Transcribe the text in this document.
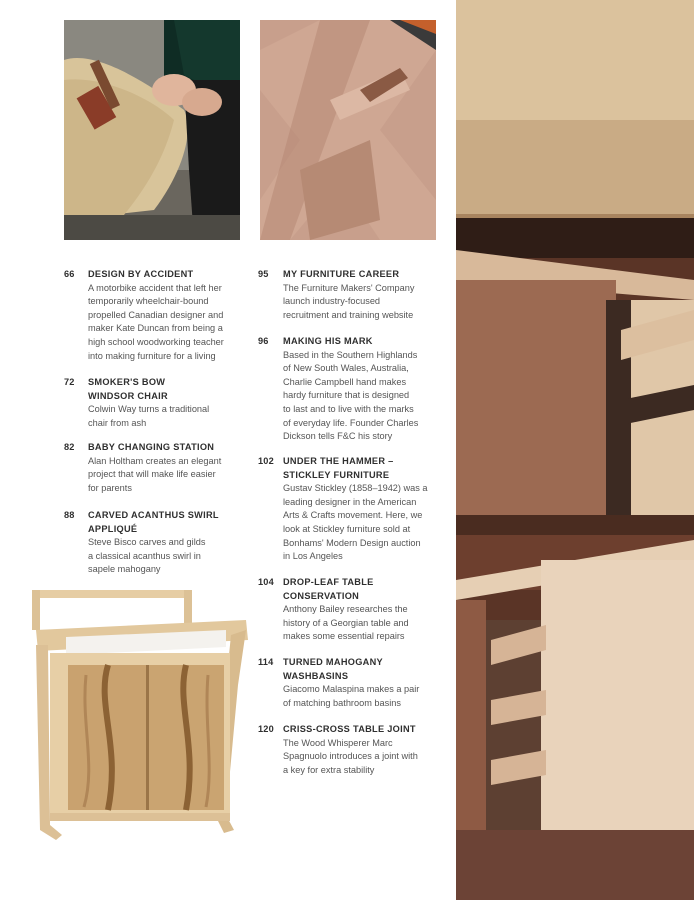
66 DESIGN BY ACCIDENT
A motorbike accident that left her
temporarily wheelchair-bound
propelled Canadian designer and
maker Kate Duncan from being a
high school woodworking teacher
into making furniture for a living
72 SMOKER'S BOW
WINDSOR CHAIR
Colwin Way turns a traditional
chair from ash
82 BABY CHANGING STATION
Alan Holtham creates an elegant
project that will make life easier
for parents
88 CARVED ACANTHUS SWIRL
APPLIQUÉ
Steve Bisco carves and gilds
a classical acanthus swirl in
sapele mahogany
95 MY FURNITURE CAREER
The Furniture Makers' Company
launch industry-focused
recruitment and training website
96 MAKING HIS MARK
Based in the Southern Highlands
of New South Wales, Australia,
Charlie Campbell hand makes
hardy furniture that is designed
to last and to live with the marks
of everyday life. Founder Charles
Dickson tells F&C his story
102 UNDER THE HAMMER –
STICKLEY FURNITURE
Gustav Stickley (1858–1942) was a
leading designer in the American
Arts & Crafts movement. Here, we
look at Stickley furniture sold at
Bonhams' Modern Design auction
in Los Angeles
104 DROP-LEAF TABLE
CONSERVATION
Anthony Bailey researches the
history of a Georgian table and
makes some essential repairs
114 TURNED MAHOGANY
WASHBASINS
Giacomo Malaspina makes a pair
of matching bathroom basins
120 CRISS-CROSS TABLE JOINT
The Wood Whisperer Marc
Spagnuolo introduces a joint with
a key for extra stability
